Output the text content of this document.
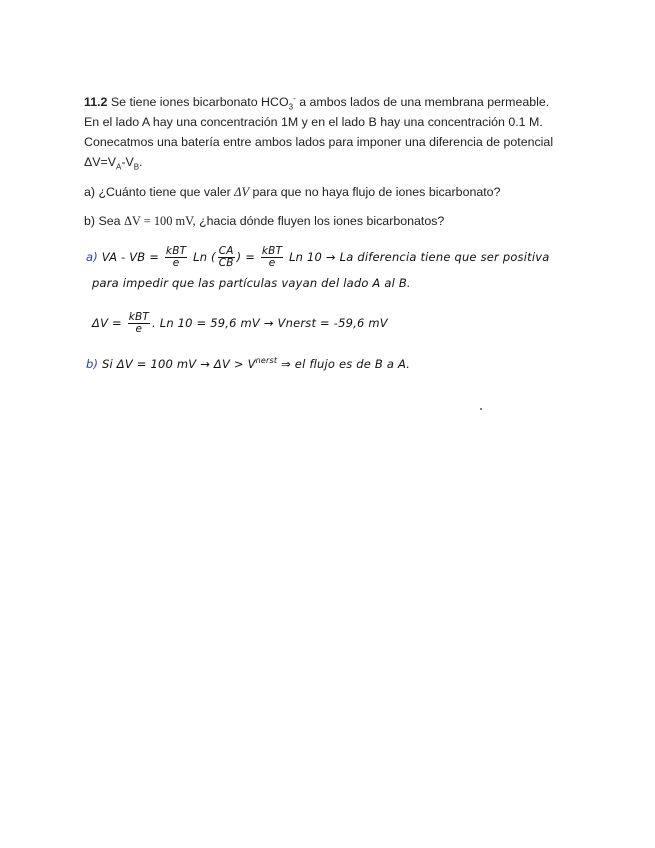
11.2 Se tiene iones bicarbonato $HCO_3^-$ a ambos lados de una membrana permeable.
En el lado A hay una concentración 1M y en el lado B hay una concentración 0.1 M.
Conecatmos una batería entre ambos lados para imponer una diferencia de potencial
$\Delta V=V_A-V_B$.
a) ¿Cuánto tiene que valer ΔV para que no haya flujo de iones bicarbonato?
b) Sea ΔV = 100 mV, ¿hacia dónde fluyen los iones bicarbonatos?
a) VA - VB = $\frac{\text{kBT}}{e}$ Ln ( $\frac{CA}{CB}$ ) = $\frac{\text{kBT}}{e}$ Ln 10 → La diferencia tiene que ser positiva
para impedir que las partículas vayan del lado A al B.
$\Delta V = \frac{\text{kBT}}{e}$ . Ln 10 = 59,6 mV → Vnerst = -59,6 mV
b) Si ΔV = 100 mV → $\Delta V > V^{nerst}$ ⇒ el flujo es de B a A.
